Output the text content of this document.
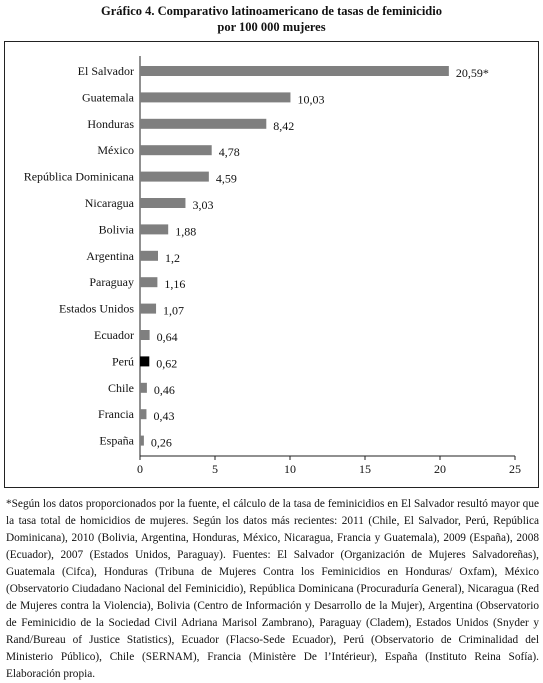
Gráfico 4. Comparativo latinoamericano de tasas de feminicidio
por 100 000 mujeres
El Salvador	20,59*
Guatemala	10,03
Honduras	8,42
México	4,78
República Dominicana	4,59
Nicaragua	3,03
Bolivia	1,88
Argentina	1,2
Paraguay	1,16
Estados Unidos 1,07
Ecuador 0,64
Perú 0,62
Chile 0,46
Francia 0,43
España 0,26
0	5	10	15	20	25

*Según los datos proporcionados por la fuente, el cálculo de la tasa de feminicidios en El Salvador resultó mayor que la tasa total de homicidios de mujeres. Según los datos más recientes: 2011 (Chile, El Salvador, Perú, República Dominicana), 2010 (Bolivia, Argentina, Honduras, México, Nicaragua, Francia y Guatemala), 2009 (España), 2008 (Ecuador), 2007 (Estados Unidos, Paraguay). Fuentes: El Salvador (Organización de Mujeres Salvadoreñas), Guatemala (Cifca), Honduras (Tribuna de Mujeres Contra los Feminicidios en Honduras/ Oxfam), México (Observatorio Ciudadano Nacional del Feminicidio), República Dominicana (Procuraduría General), Nicaragua (Red de Mujeres contra la Violencia), Bolivia (Centro de Información y Desarrollo de la Mujer), Argentina (Observatorio de Feminicidio de la Sociedad Civil Adriana Marisol Zambrano), Paraguay (Cladem), Estados Unidos (Snyder y Rand/Bureau of Justice Statistics), Ecuador (Flacso-Sede Ecuador), Perú (Observatorio de Criminalidad del Ministerio Público), Chile (SERNAM), Francia (Ministère De l’Intérieur), España (Instituto Reina Sofía). Elaboración propia.
